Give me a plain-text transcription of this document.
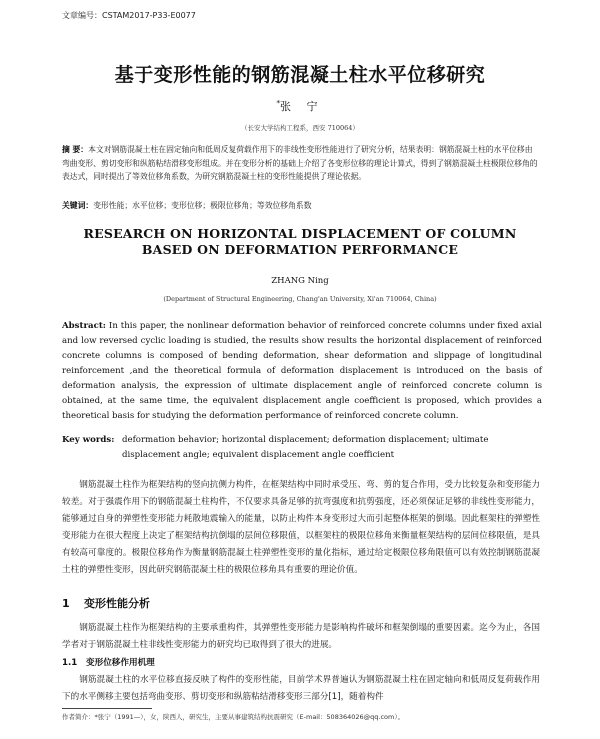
文章编号：CSTAM2017-P33-E0077
基于变形性能的钢筋混凝土柱水平位移研究
*张 宁
（长安大学结构工程系，西安 710064）
摘 要：本文对钢筋混凝土柱在固定轴向和低周反复荷载作用下的非线性变形性能进行了研究分析，结果表明：钢筋混凝土柱的水平位移由弯曲变形、剪切变形和纵筋粘结滑移变形组成。并在变形分析的基础上介绍了各变形位移的理论计算式，得到了钢筋混凝土柱极限位移角的表达式，同时提出了等效位移角系数，为研究钢筋混凝土柱的变形性能提供了理论依据。
关键词：变形性能；水平位移；变形位移；极限位移角；等效位移角系数
RESEARCH ON HORIZONTAL DISPLACEMENT OF COLUMN BASED ON DEFORMATION PERFORMANCE
ZHANG Ning
(Department of Structural Engineering, Chang'an University, Xi'an 710064, China)
Abstract: In this paper, the nonlinear deformation behavior of reinforced concrete columns under fixed axial and low reversed cyclic loading is studied, the results show results the horizontal displacement of reinforced concrete columns is composed of bending deformation, shear deformation and slippage of longitudinal reinforcement ,and the theoretical formula of deformation displacement is introduced on the basis of deformation analysis, the expression of ultimate displacement angle of reinforced concrete column is obtained, at the same time, the equivalent displacement angle coefficient is proposed, which provides a theoretical basis for studying the deformation performance of reinforced concrete column.
Key words: deformation behavior; horizontal displacement; deformation displacement; ultimate displacement angle; equivalent displacement angle coefficient
钢筋混凝土柱作为框架结构的竖向抗侧力构件，在框架结构中同时承受压、弯、剪的复合作用，受力比较复杂和变形能力较差。对于强震作用下的钢筋混凝土柱构件，不仅要求具备足够的抗弯强度和抗剪强度，还必须保证足够的非线性变形能力，能够通过自身的弹塑性变形能力耗散地震输入的能量，以防止构件本身变形过大而引起整体框架的倒塌。因此框架柱的弹塑性变形能力在很大程度上决定了框架结构抗倒塌的层间位移限值，以框架柱的极限位移角来衡量框架结构的层间位移限值，是具有较高可靠度的。极限位移角作为衡量钢筋混凝土柱弹塑性变形的量化指标，通过给定极限位移角限值可以有效控制钢筋混凝土柱的弹塑性变形，因此研究钢筋混凝土柱的极限位移角具有重要的理论价值。
1 变形性能分析
钢筋混凝土柱作为框架结构的主要承重构件，其弹塑性变形能力是影响构件破坏和框架倒塌的重要因素。迄今为止，各国学者对于钢筋混凝土柱非线性变形能力的研究均已取得到了很大的进展。
1.1 变形位移作用机理
钢筋混凝土柱的水平位移直接反映了构件的变形性能，目前学术界普遍认为钢筋混凝土柱在固定轴向和低周反复荷载作用下的水平侧移主要包括弯曲变形、剪切变形和纵筋粘结滑移变形三部分[1]，随着构件
作者简介：*张宁（1991—），女，陕西人，研究生，主要从事建筑结构抗震研究（E-mail：508364026@qq.com）。
